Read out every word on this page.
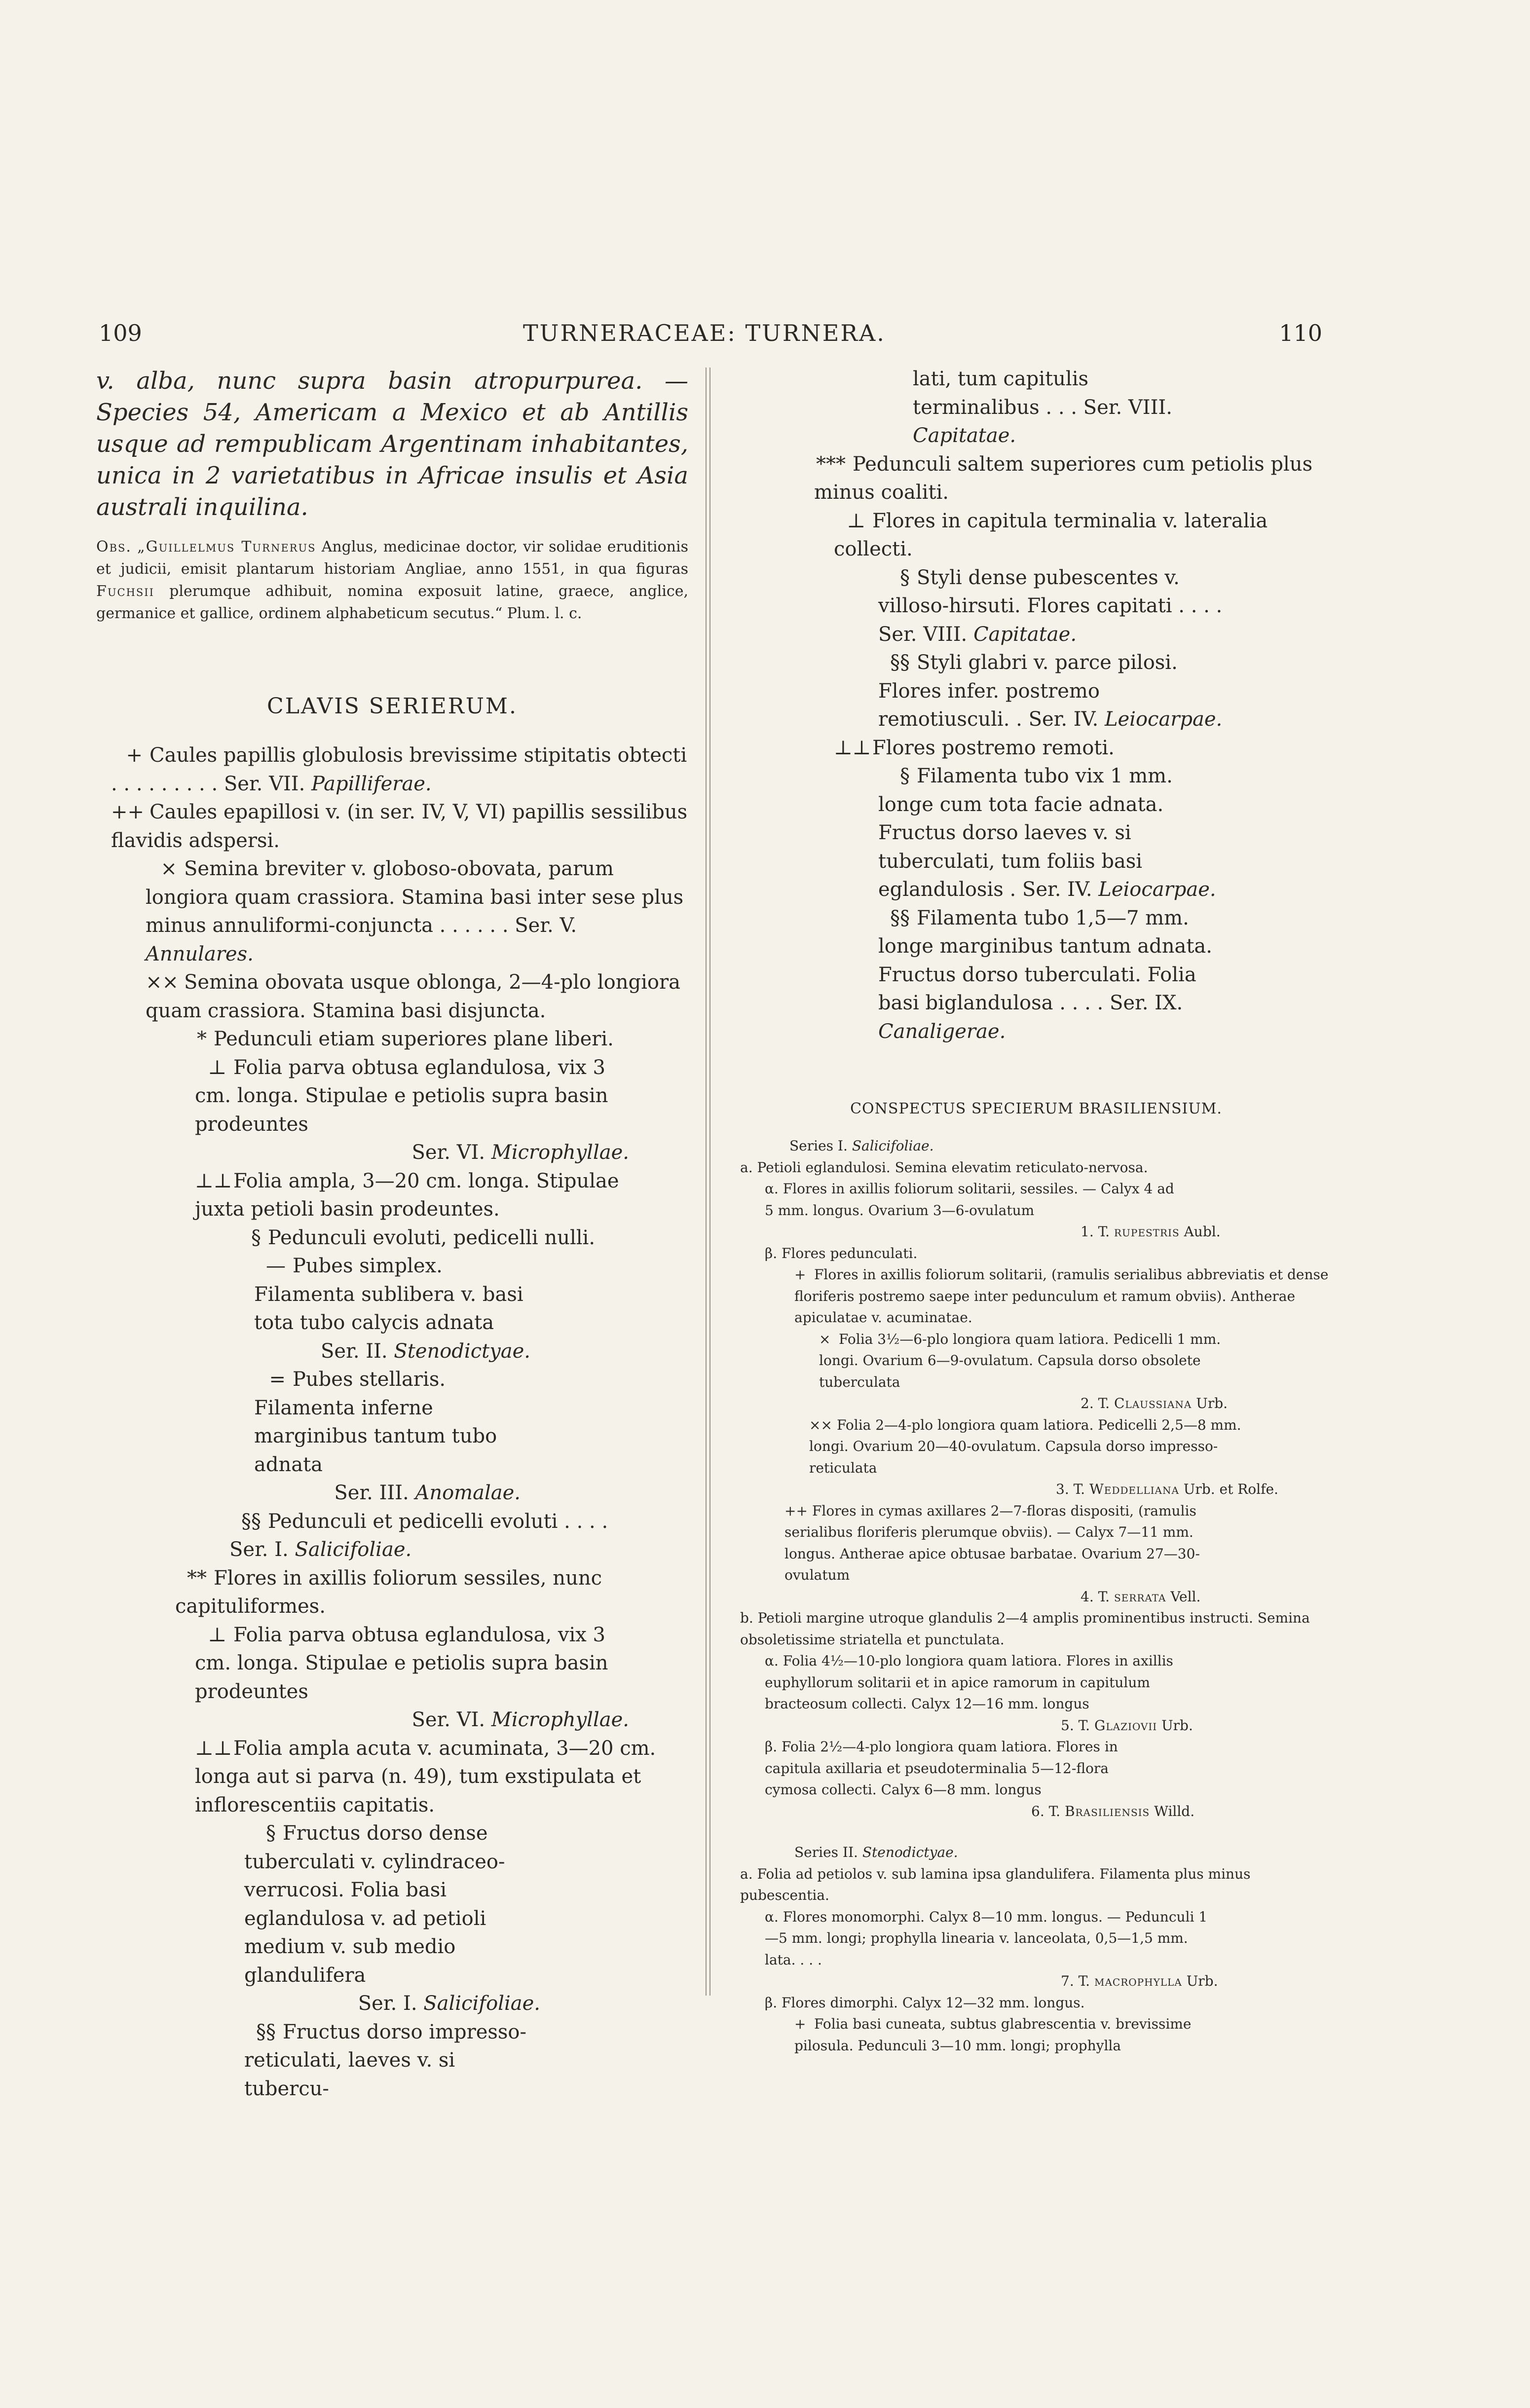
109	TURNERACEAE: TURNERA.	110

v. alba, nunc supra basin atropurpurea. — Species 54, Americam a Mexico et ab Antillis usque ad rempublicam Argentinam inhabitantes, unica in 2 varietatibus in Africae insulis et Asia australi inquilina.

Obs. „Guillelmus Turnerus Anglus, medicinae doctor, vir solidae eruditionis et judicii, emisit plantarum historiam Angliae, anno 1551, in qua figuras Fuchsii plerumque adhibuit, nomina exposuit latine, graece, anglice, germanice et gallice, ordinem alphabeticum secutus.“ Plum. l. c.

CLAVIS SERIERUM.

+ Caules papillis globulosis brevissime stipitatis obtecti . . . . . . . . . Ser. VII. Papilliferae.
++ Caules epapillosi v. (in ser. IV, V, VI) papillis sessilibus flavidis adspersi.
× Semina breviter v. globoso-obovata, parum longiora quam crassiora. Stamina basi inter sese plus minus annuliformi-conjuncta . . . . . . Ser. V. Annulares.
×× Semina obovata usque oblonga, 2—4-plo longiora quam crassiora. Stamina basi disjuncta.
* Pedunculi etiam superiores plane liberi.
⊥ Folia parva obtusa eglandulosa, vix 3 cm. longa. Stipulae e petiolis supra basin prodeuntes
Ser. VI. Microphyllae.
⊥⊥Folia ampla, 3—20 cm. longa. Stipulae juxta petioli basin prodeuntes.
§ Pedunculi evoluti, pedicelli nulli.
— Pubes simplex. Filamenta sublibera v. basi tota tubo calycis adnata
Ser. II. Stenodictyae.
= Pubes stellaris. Filamenta inferne marginibus tantum tubo adnata
Ser. III. Anomalae.
§§ Pedunculi et pedicelli evoluti . . . . Ser. I. Salicifoliae.
** Flores in axillis foliorum sessiles, nunc capituliformes.
⊥ Folia parva obtusa eglandulosa, vix 3 cm. longa. Stipulae e petiolis supra basin prodeuntes
Ser. VI. Microphyllae.
⊥⊥Folia ampla acuta v. acuminata, 3—20 cm. longa aut si parva (n. 49), tum exstipulata et inflorescentiis capitatis.
§ Fructus dorso dense tuberculati v. cylindraceo-verrucosi. Folia basi eglandulosa v. ad petioli medium v. sub medio glandulifera
Ser. I. Salicifoliae.
§§ Fructus dorso impresso-reticulati, laeves v. si tubercu-
lati, tum capitulis terminalibus . . . Ser. VIII. Capitatae.
*** Pedunculi saltem superiores cum petiolis plus minus coaliti.
⊥ Flores in capitula terminalia v. lateralia collecti.
§ Styli dense pubescentes v. villoso-hirsuti. Flores capitati . . . . Ser. VIII. Capitatae.
§§ Styli glabri v. parce pilosi. Flores infer. postremo remotiusculi. . Ser. IV. Leiocarpae.
⊥⊥Flores postremo remoti.
§ Filamenta tubo vix 1 mm. longe cum tota facie adnata. Fructus dorso laeves v. si tuberculati, tum foliis basi eglandulosis . Ser. IV. Leiocarpae.
§§ Filamenta tubo 1,5—7 mm. longe marginibus tantum adnata. Fructus dorso tuberculati. Folia basi biglandulosa . . . . Ser. IX. Canaligerae.

CONSPECTUS SPECIERUM BRASILIENSIUM.

Series I. Salicifoliae.

a. Petioli eglandulosi. Semina elevatim reticulato-nervosa.

α. Flores in axillis foliorum solitarii, sessiles. — Calyx 4 ad 5 mm. longus. Ovarium 3—6-ovulatum

1. T. rupestris Aubl.

β. Flores pedunculati.

+ Flores in axillis foliorum solitarii, (ramulis serialibus abbreviatis et dense floriferis postremo saepe inter pedunculum et ramum obviis). Antherae apiculatae v. acuminatae.

× Folia 3½—6-plo longiora quam latiora. Pedicelli 1 mm. longi. Ovarium 6—9-ovulatum. Capsula dorso obsolete tuberculata

2. T. Claussiana Urb.

×× Folia 2—4-plo longiora quam latiora. Pedicelli 2,5—8 mm. longi. Ovarium 20—40-ovulatum. Capsula dorso impresso-reticulata

3. T. Weddelliana Urb. et Rolfe.

++ Flores in cymas axillares 2—7-floras dispositi, (ramulis serialibus floriferis plerumque obviis). — Calyx 7—11 mm. longus. Antherae apice obtusae barbatae. Ovarium 27—30-ovulatum

4. T. serrata Vell.

b. Petioli margine utroque glandulis 2—4 amplis prominentibus instructi. Semina obsoletissime striatella et punctulata.

α. Folia 4½—10-plo longiora quam latiora. Flores in axillis euphyllorum solitarii et in apice ramorum in capitulum bracteosum collecti. Calyx 12—16 mm. longus

5. T. Glaziovii Urb.

β. Folia 2½—4-plo longiora quam latiora. Flores in capitula axillaria et pseudoterminalia 5—12-flora cymosa collecti. Calyx 6—8 mm. longus

6. T. Brasiliensis Willd.

Series II. Stenodictyae.

a. Folia ad petiolos v. sub lamina ipsa glandulifera. Filamenta plus minus pubescentia.

α. Flores monomorphi. Calyx 8—10 mm. longus. — Pedunculi 1—5 mm. longi; prophylla linearia v. lanceolata, 0,5—1,5 mm. lata. . . .

7. T. macrophylla Urb.

β. Flores dimorphi. Calyx 12—32 mm. longus.

+ Folia basi cuneata, subtus glabrescentia v. brevissime pilosula. Pedunculi 3—10 mm. longi; prophylla
